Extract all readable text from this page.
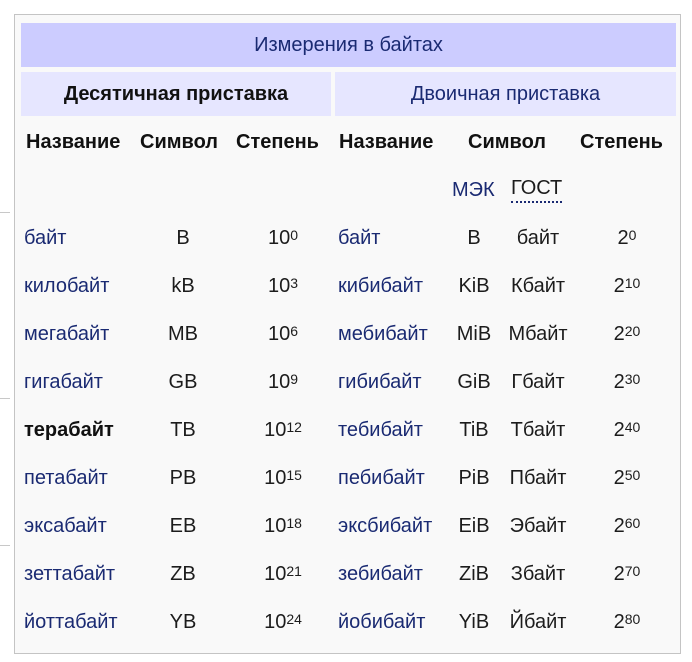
Измерения в байтах
Десятичная приставка	Двоичная приставка
Название Символ Степень Название Символ Степень
МЭК ГОСТ
байт	B	$10^0$ байт	B	байт	$2^0$
килобайт	kB	$10^3$ кибибайт	KiB	Кбайт	$2^{10}$
мегабайт	MB	$10^6$ мебибайт MiB Мбайт $2^{20}$
гигабайт	GB	$10^9$ гибибайт GiB	Гбайт	$2^{30}$
терабайт	TB	$10^{12}$ тебибайт	TiB	Тбайт	$2^{40}$
петабайт	PB	$10^{15}$ пебибайт	PiB	Пбайт $2^{50}$
эксабайт	EB	$10^{18}$ эксбибайт	EiB	Эбайт $2^{60}$
зеттабайт	ZB	$10^{21}$ зебибайт	ZiB	Збайт	$2^{70}$
йоттабайт	YB	$10^{24}$ йобибайт	YiB	Йбайт $2^{80}$
